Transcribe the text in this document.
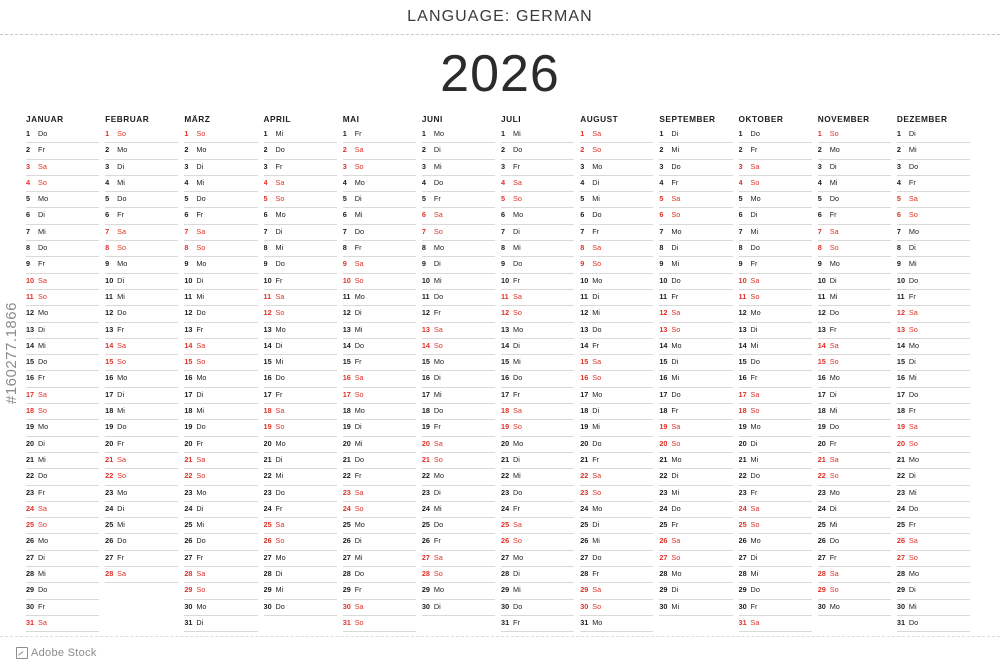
LANGUAGE: GERMAN
2026
JANUAR
1	Do
2	Fr
3	Sa
4	So
5	Mo
6	Di
7	Mi
8	Do
9	Fr
10 Sa
11 So
12 Mo
13 Di
14 Mi
15 Do
16 Fr
17 Sa
18 So
19 Mo
20 Di
21 Mi
22 Do
23 Fr
24 Sa
25 So
26 Mo
27 Di
28 Mi
29 Do
30 Fr
31 Sa
FEBRUAR
1	So
2	Mo
3	Di
4	Mi
5	Do
6	Fr
7	Sa
8	So
9	Mo
10 Di
11 Mi
12 Do
13 Fr
14 Sa
15 So
16 Mo
17 Di
18 Mi
19 Do
20 Fr
21 Sa
22 So
23 Mo
24 Di
25 Mi
26 Do
27 Fr
28 Sa
MÄRZ
1	So
2	Mo
3	Di
4	Mi
5	Do
6	Fr
7	Sa
8	So
9	Mo
10 Di
11 Mi
12 Do
13 Fr
14 Sa
15 So
16 Mo
17 Di
18 Mi
19 Do
20 Fr
21 Sa
22 So
23 Mo
24 Di
25 Mi
26 Do
27 Fr
28 Sa
29 So
30 Mo
31 Di
APRIL
1	Mi
2	Do
3	Fr
4	Sa
5	So
6	Mo
7	Di
8	Mi
9	Do
10 Fr
11 Sa
12 So
13 Mo
14 Di
15 Mi
16 Do
17 Fr
18 Sa
19 So
20 Mo
21 Di
22 Mi
23 Do
24 Fr
25 Sa
26 So
27 Mo
28 Di
29 Mi
30 Do
MAI
1	Fr
2	Sa
3	So
4	Mo
5	Di
6	Mi
7	Do
8	Fr
9	Sa
10 So
11 Mo
12 Di
13 Mi
14 Do
15 Fr
16 Sa
17 So
18 Mo
19 Di
20 Mi
21 Do
22 Fr
23 Sa
24 So
25 Mo
26 Di
27 Mi
28 Do
29 Fr
30 Sa
31 So
JUNI
1	Mo
2	Di
3	Mi
4	Do
5	Fr
6	Sa
7	So
8	Mo
9	Di
10 Mi
11 Do
12 Fr
13 Sa
14 So
15 Mo
16 Di
17 Mi
18 Do
19 Fr
20 Sa
21 So
22 Mo
23 Di
24 Mi
25 Do
26 Fr
27 Sa
28 So
29 Mo
30 Di
JULI
1	Mi
2	Do
3	Fr
4	Sa
5	So
6	Mo
7	Di
8	Mi
9	Do
10 Fr
11 Sa
12 So
13 Mo
14 Di
15 Mi
16 Do
17 Fr
18 Sa
19 So
20 Mo
21 Di
22 Mi
23 Do
24 Fr
25 Sa
26 So
27 Mo
28 Di
29 Mi
30 Do
31 Fr
AUGUST
1	Sa
2	So
3	Mo
4	Di
5	Mi
6	Do
7	Fr
8	Sa
9	So
10 Mo
11 Di
12 Mi
13 Do
14 Fr
15 Sa
16 So
17 Mo
18 Di
19 Mi
20 Do
21 Fr
22 Sa
23 So
24 Mo
25 Di
26 Mi
27 Do
28 Fr
29 Sa
30 So
31 Mo
SEPTEMBER
1	Di
2	Mi
3	Do
4	Fr
5	Sa
6	So
7	Mo
8	Di
9	Mi
10 Do
11 Fr
12 Sa
13 So
14 Mo
15 Di
16 Mi
17 Do
18 Fr
19 Sa
20 So
21 Mo
22 Di
23 Mi
24 Do
25 Fr
26 Sa
27 So
28 Mo
29 Di
30 Mi
OKTOBER
1	Do
2	Fr
3	Sa
4	So
5	Mo
6	Di
7	Mi
8	Do
9	Fr
10 Sa
11 So
12 Mo
13 Di
14 Mi
15 Do
16 Fr
17 Sa
18 So
19 Mo
20 Di
21 Mi
22 Do
23 Fr
24 Sa
25 So
26 Mo
27 Di
28 Mi
29 Do
30 Fr
31 Sa
NOVEMBER
1	So
2	Mo
3	Di
4	Mi
5	Do
6	Fr
7	Sa
8	So
9	Mo
10 Di
11 Mi
12 Do
13 Fr
14 Sa
15 So
16 Mo
17 Di
18 Mi
19 Do
20 Fr
21 Sa
22 So
23 Mo
24 Di
25 Mi
26 Do
27 Fr
28 Sa
29 So
30 Mo
DEZEMBER
1	Di
2	Mi
3	Do
4	Fr
5	Sa
6	So
7	Mo
8	Di
9	Mi
10 Do
11 Fr
12 Sa
13 So
14 Mo
15 Di
16 Mi
17 Do
18 Fr
19 Sa
20 So
21 Mo
22 Di
23 Mi
24 Do
25 Fr
26 Sa
27 So
28 Mo
29 Di
30 Mi
31 Do
#160277.1866
Adobe Stock
